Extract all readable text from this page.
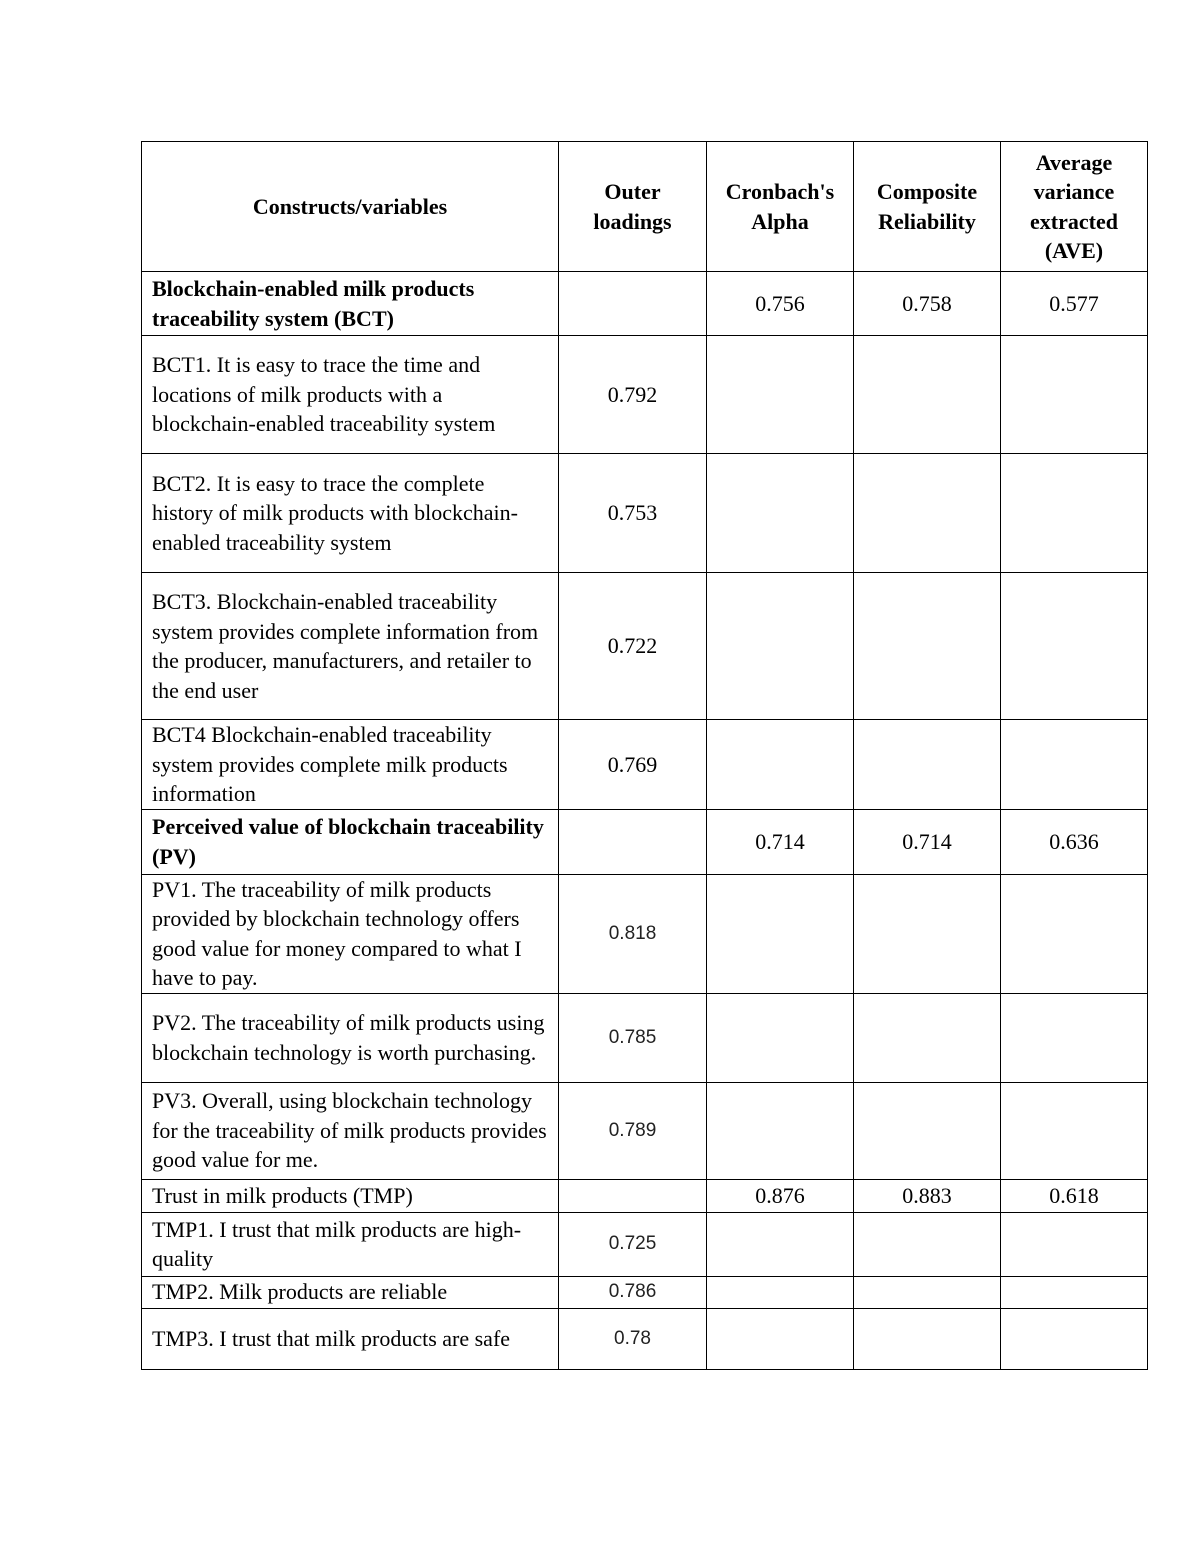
Constructs/variables	Outer loadings	Cronbach's Alpha	Composite Reliability	Average variance extracted (AVE)
Blockchain-enabled milk products traceability system (BCT)		0.756	0.758	0.577
BCT1. It is easy to trace the time and locations of milk products with a blockchain-enabled traceability system	0.792			
BCT2. It is easy to trace the complete history of milk products with blockchain-enabled traceability system	0.753			
BCT3. Blockchain-enabled traceability system provides complete information from the producer, manufacturers, and retailer to the end user	0.722			
BCT4 Blockchain-enabled traceability system provides complete milk products information	0.769			
Perceived value of blockchain traceability (PV)		0.714	0.714	0.636
PV1. The traceability of milk products provided by blockchain technology offers good value for money compared to what I have to pay.	0.818			
PV2. The traceability of milk products using blockchain technology is worth purchasing.	0.785			
PV3. Overall, using blockchain technology for the traceability of milk products provides good value for me.	0.789			
Trust in milk products (TMP)		0.876	0.883	0.618
TMP1. I trust that milk products are high-quality	0.725			
TMP2. Milk products are reliable	0.786			
TMP3. I trust that milk products are safe	0.78			
